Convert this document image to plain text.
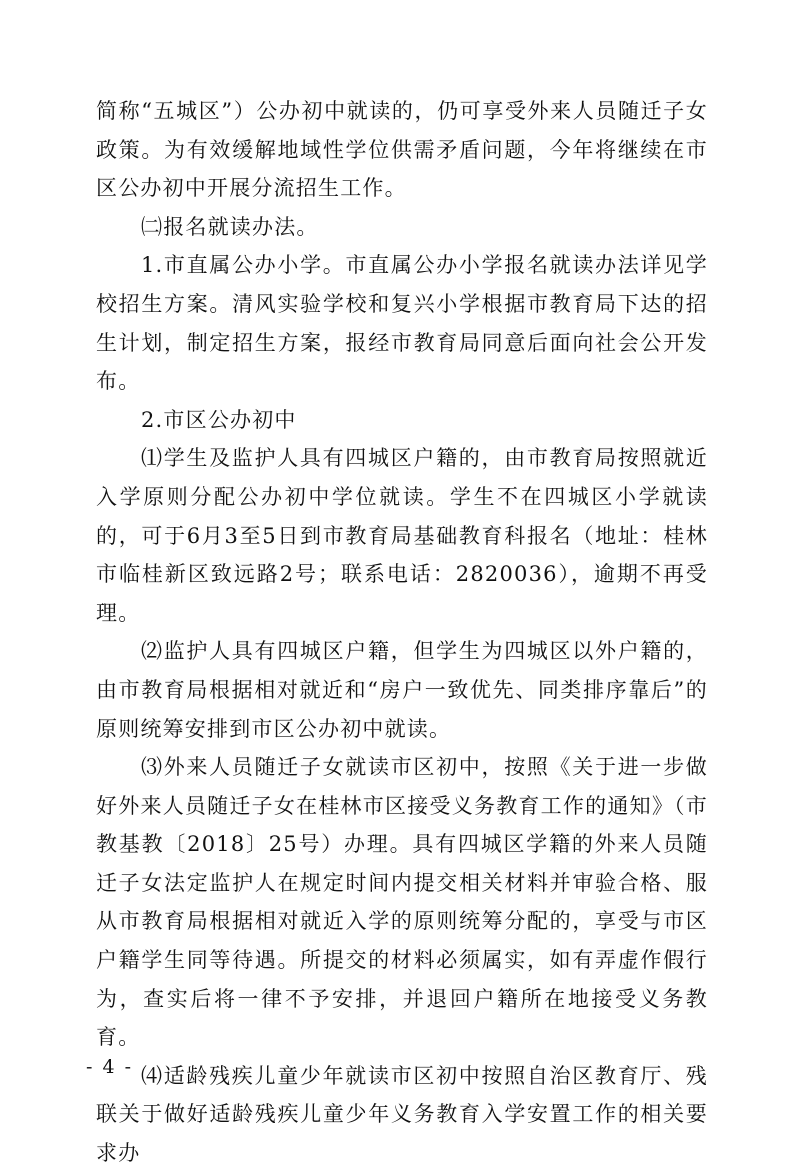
简称“五城区”）公办初中就读的，仍可享受外来人员随迁子女政策。为有效缓解地域性学位供需矛盾问题，今年将继续在市区公办初中开展分流招生工作。

㈡报名就读办法。

1.市直属公办小学。市直属公办小学报名就读办法详见学校招生方案。清风实验学校和复兴小学根据市教育局下达的招生计划，制定招生方案，报经市教育局同意后面向社会公开发布。

2.市区公办初中

⑴学生及监护人具有四城区户籍的，由市教育局按照就近入学原则分配公办初中学位就读。学生不在四城区小学就读的，可于6月3至5日到市教育局基础教育科报名（地址：桂林市临桂新区致远路2号；联系电话：2820036），逾期不再受理。

⑵监护人具有四城区户籍，但学生为四城区以外户籍的，由市教育局根据相对就近和“房户一致优先、同类排序靠后”的原则统筹安排到市区公办初中就读。

⑶外来人员随迁子女就读市区初中，按照《关于进一步做好外来人员随迁子女在桂林市区接受义务教育工作的通知》（市教基教〔2018〕25号）办理。具有四城区学籍的外来人员随迁子女法定监护人在规定时间内提交相关材料并审验合格、服从市教育局根据相对就近入学的原则统筹分配的，享受与市区户籍学生同等待遇。所提交的材料必须属实，如有弄虚作假行为，查实后将一律不予安排，并退回户籍所在地接受义务教育。

⑷适龄残疾儿童少年就读市区初中按照自治区教育厅、残联关于做好适龄残疾儿童少年义务教育入学安置工作的相关要求办

- 4 -
